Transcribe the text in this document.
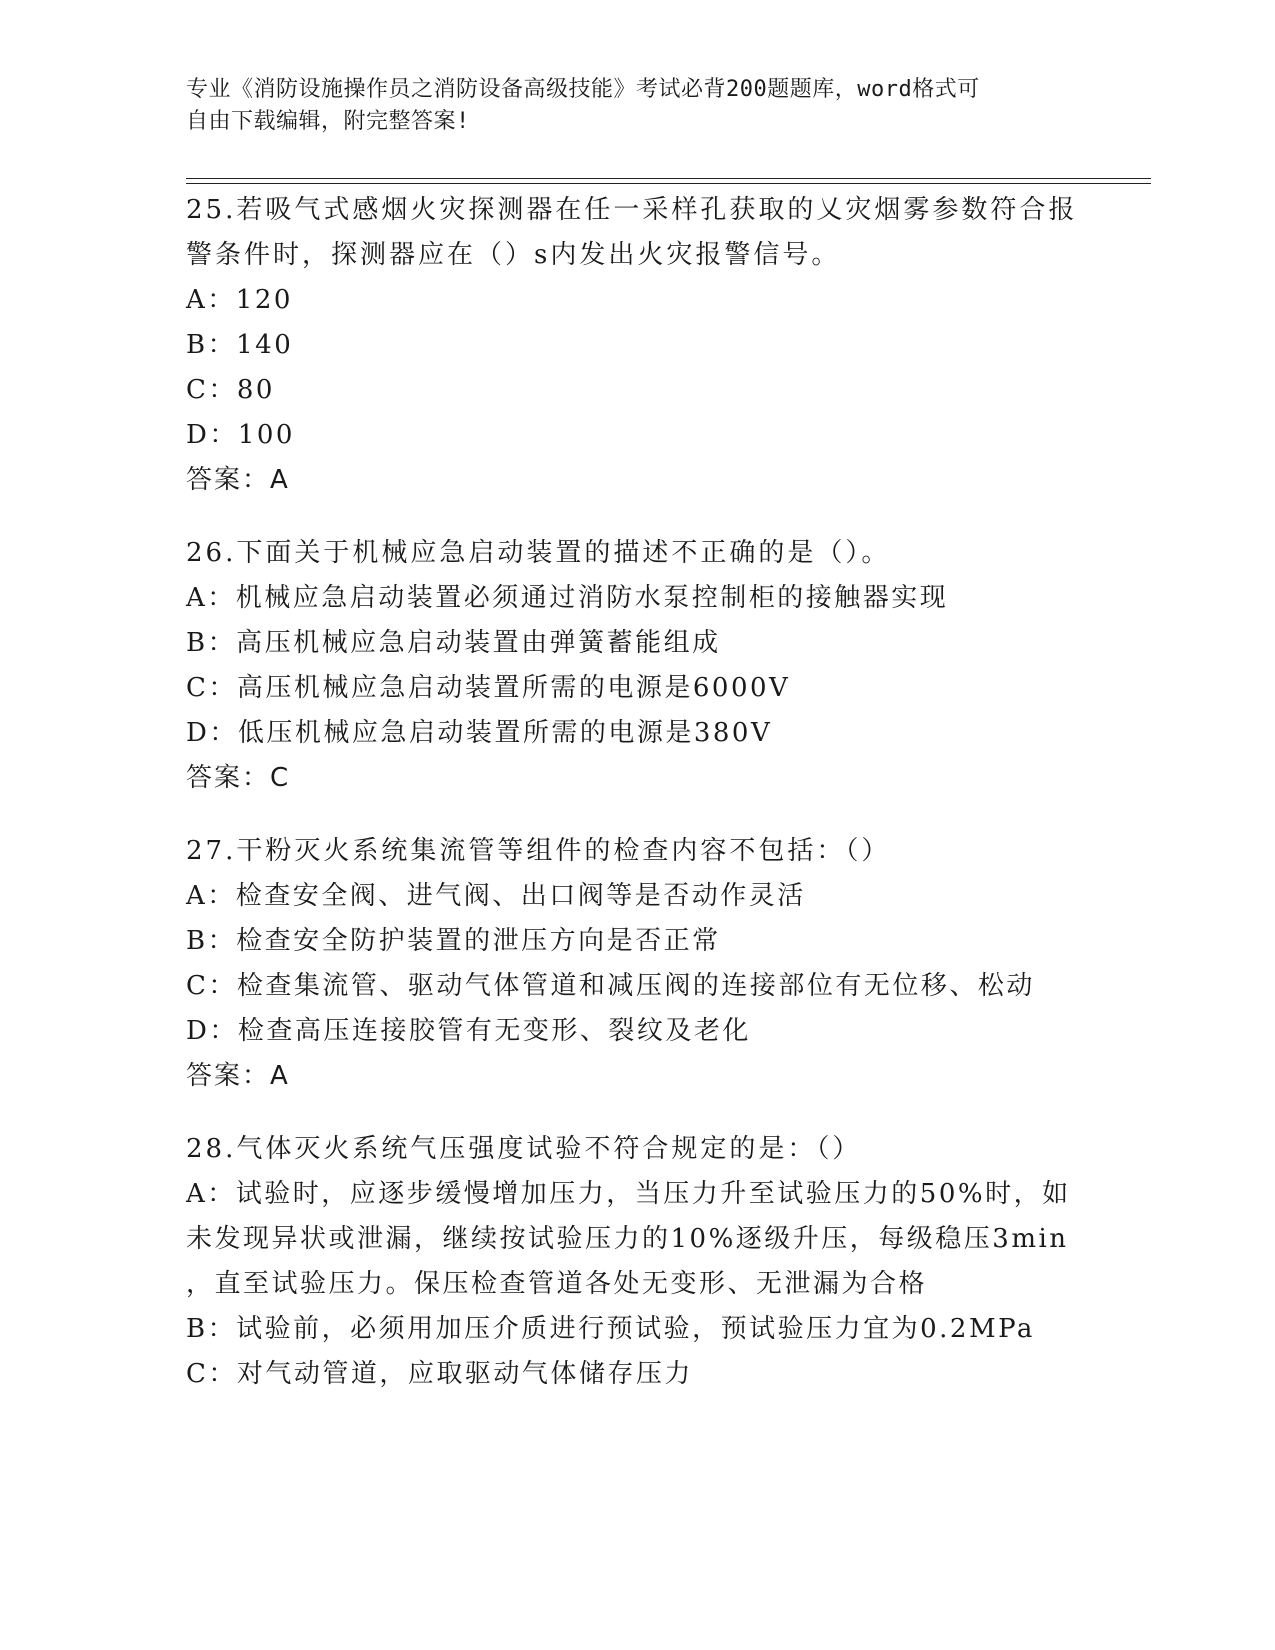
专业《消防设施操作员之消防设备高级技能》考试必背200题题库，word格式可
自由下载编辑，附完整答案!
25.若吸气式感烟火灾探测器在任一采样孔获取的乂灾烟雾参数符合报
警条件时，探测器应在（）s内发出火灾报警信号。
A：120
B：140
C：80
D：100
答案：A
26.下面关于机械应急启动装置的描述不正确的是（）。
A：机械应急启动装置必须通过消防水泵控制柜的接触器实现
B：高压机械应急启动装置由弹簧蓄能组成
C：高压机械应急启动装置所需的电源是6000V
D：低压机械应急启动装置所需的电源是380V
答案：C
27.干粉灭火系统集流管等组件的检查内容不包括：（）
A：检查安全阀、进气阀、出口阀等是否动作灵活
B：检查安全防护装置的泄压方向是否正常
C：检查集流管、驱动气体管道和减压阀的连接部位有无位移、松动
D：检查高压连接胶管有无变形、裂纹及老化
答案：A
28.气体灭火系统气压强度试验不符合规定的是：（）
A：试验时，应逐步缓慢增加压力，当压力升至试验压力的50%时，如
未发现异状或泄漏，继续按试验压力的10%逐级升压，每级稳压3min
，直至试验压力。保压检查管道各处无变形、无泄漏为合格
B：试验前，必须用加压介质进行预试验，预试验压力宜为0.2MPa
C：对气动管道，应取驱动气体储存压力
